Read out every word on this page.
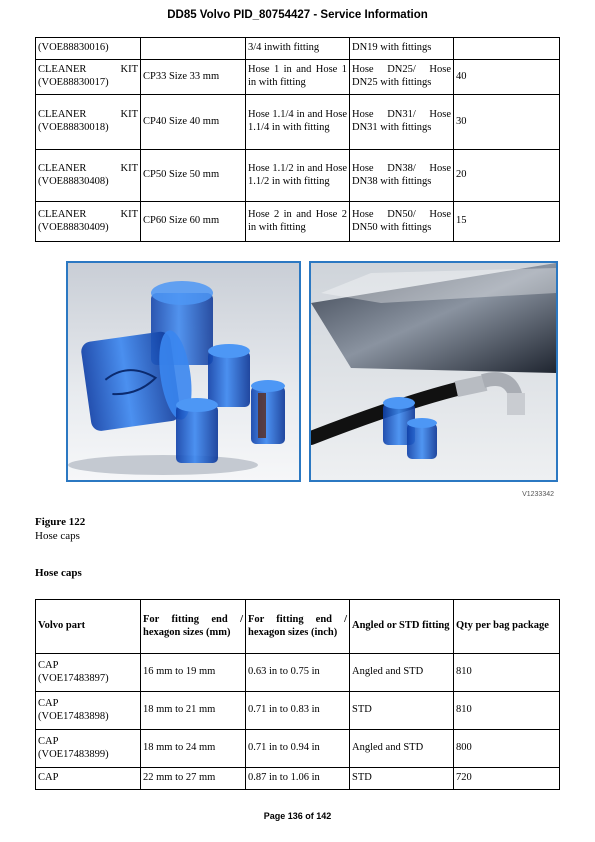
DD85 Volvo PID_80754427 - Service Information
(VOE88830016)		3/4 inwith fitting	DN19 with fittings	

CLEANER KIT
(VOE88830017)	CP33 Size 33 mm	Hose 1 in and Hose 1 in with fitting	Hose DN25/ Hose DN25 with fittings	40

CLEANER KIT
(VOE88830018)	CP40 Size 40 mm	Hose 1.1/4 in and Hose 1.1/4 in with fitting	Hose DN31/ Hose DN31 with fittings	30

CLEANER KIT
(VOE88830408)	CP50 Size 50 mm	Hose 1.1/2 in and Hose 1.1/2 in with fitting	Hose DN38/ Hose DN38 with fittings	20

CLEANER KIT
(VOE88830409)	CP60 Size 60 mm	Hose 2 in and Hose 2 in with fitting	Hose DN50/ Hose DN50 with fittings	15
V1233342
Figure 122
Hose caps
Hose caps
Volvo part	For fitting end / hexagon sizes (mm)	For fitting end / hexagon sizes (inch)	Angled or STD fitting	Qty per bag package

CAP
(VOE17483897)	16 mm to 19 mm	0.63 in to 0.75 in	Angled and STD	810

CAP
(VOE17483898)	18 mm to 21 mm	0.71 in to 0.83 in	STD	810

CAP
(VOE17483899)	18 mm to 24 mm	0.71 in to 0.94 in	Angled and STD	800
CAP	22 mm to 27 mm	0.87 in to 1.06 in	STD	720
Page 136 of 142
